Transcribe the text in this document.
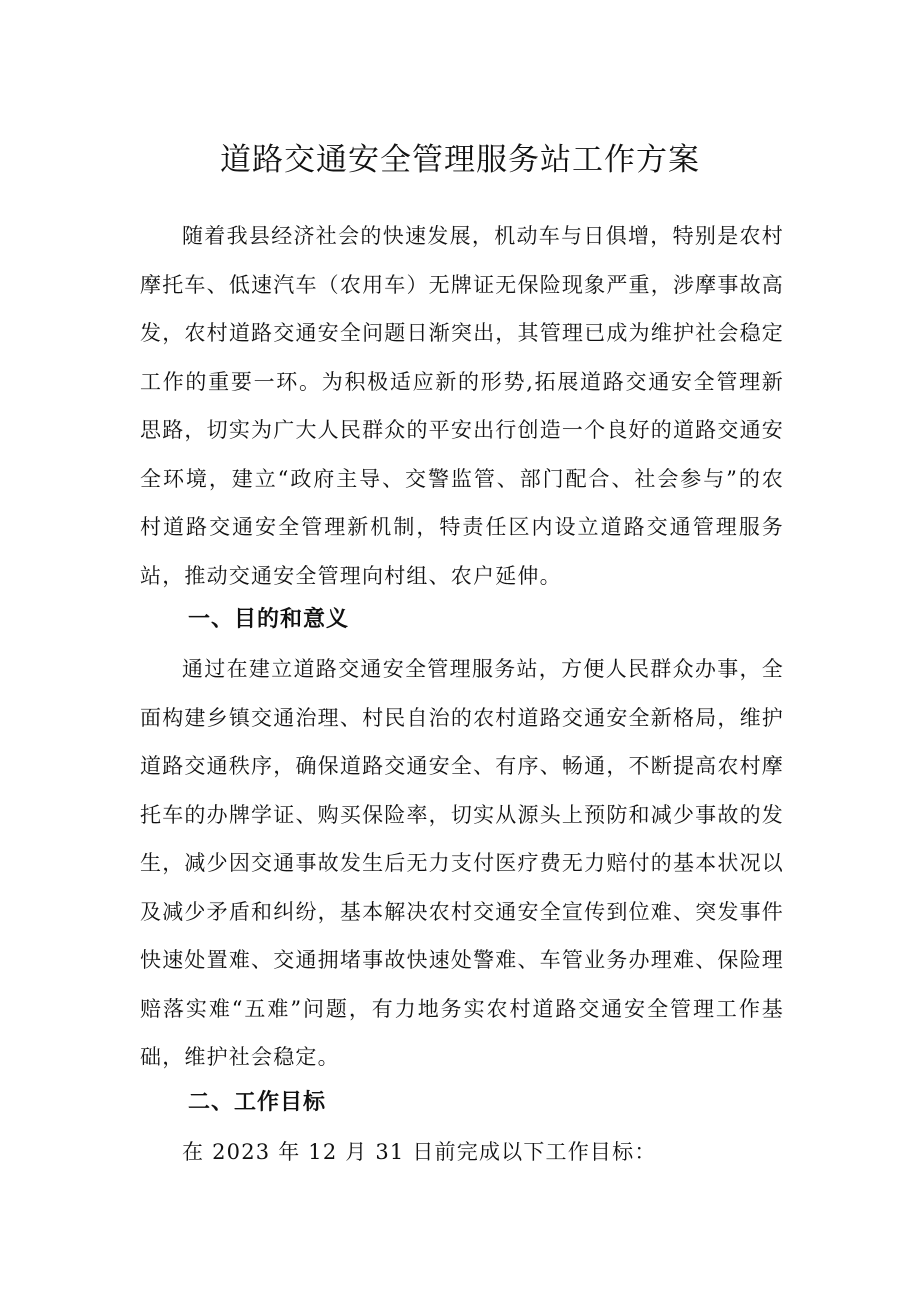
道路交通安全管理服务站工作方案

随着我县经济社会的快速发展，机动车与日俱增，特别是农村摩托车、低速汽车（农用车）无牌证无保险现象严重，涉摩事故高发，农村道路交通安全问题日渐突出，其管理已成为维护社会稳定工作的重要一环。为积极适应新的形势,拓展道路交通安全管理新思路，切实为广大人民群众的平安出行创造一个良好的道路交通安全环境，建立“政府主导、交警监管、部门配合、社会参与”的农村道路交通安全管理新机制，特责任区内设立道路交通管理服务站，推动交通安全管理向村组、农户延伸。

一、目的和意义

通过在建立道路交通安全管理服务站，方便人民群众办事，全面构建乡镇交通治理、村民自治的农村道路交通安全新格局，维护道路交通秩序，确保道路交通安全、有序、畅通，不断提高农村摩托车的办牌学证、购买保险率，切实从源头上预防和减少事故的发生，减少因交通事故发生后无力支付医疗费无力赔付的基本状况以及减少矛盾和纠纷，基本解决农村交通安全宣传到位难、突发事件快速处置难、交通拥堵事故快速处警难、车管业务办理难、保险理赔落实难“五难”问题，有力地务实农村道路交通安全管理工作基础，维护社会稳定。

二、工作目标

在 2023 年 12 月 31 日前完成以下工作目标：
